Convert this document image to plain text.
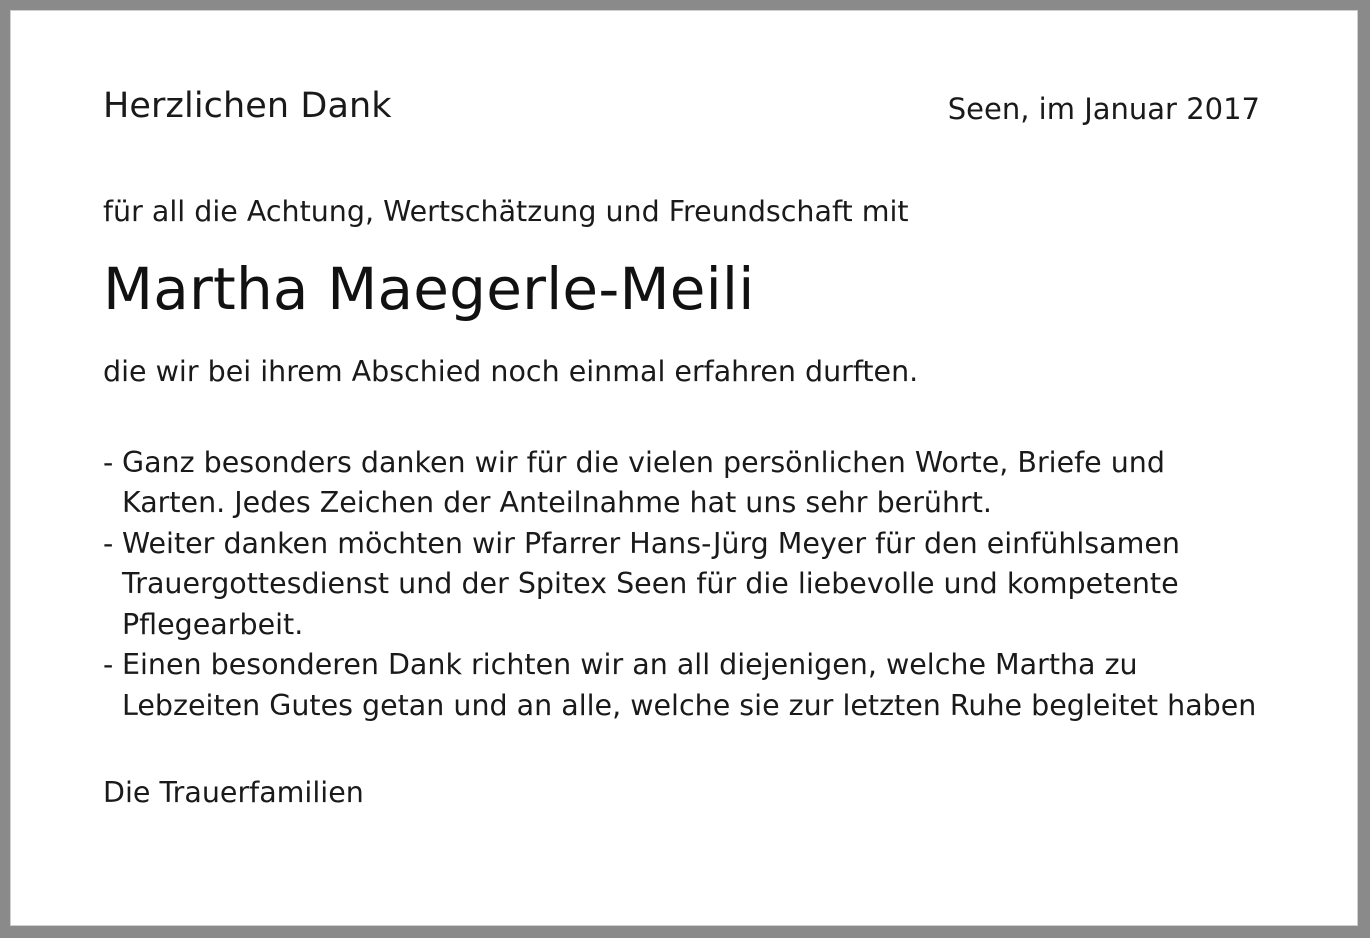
Herzlichen Dank	Seen, im Januar 2017
für all die Achtung, Wertschätzung und Freundschaft mit
Martha Maegerle-Meili
die wir bei ihrem Abschied noch einmal erfahren durften.
- Ganz besonders danken wir für die vielen persönlichen Worte, Briefe und Karten. Jedes Zeichen der Anteilnahme hat uns sehr berührt.
- Weiter danken möchten wir Pfarrer Hans-Jürg Meyer für den einfühlsamen Trauergottesdienst und der Spitex Seen für die liebevolle und kompetente Pflegearbeit.
- Einen besonderen Dank richten wir an all diejenigen, welche Martha zu Lebzeiten Gutes getan und an alle, welche sie zur letzten Ruhe begleitet haben
Die Trauerfamilien
